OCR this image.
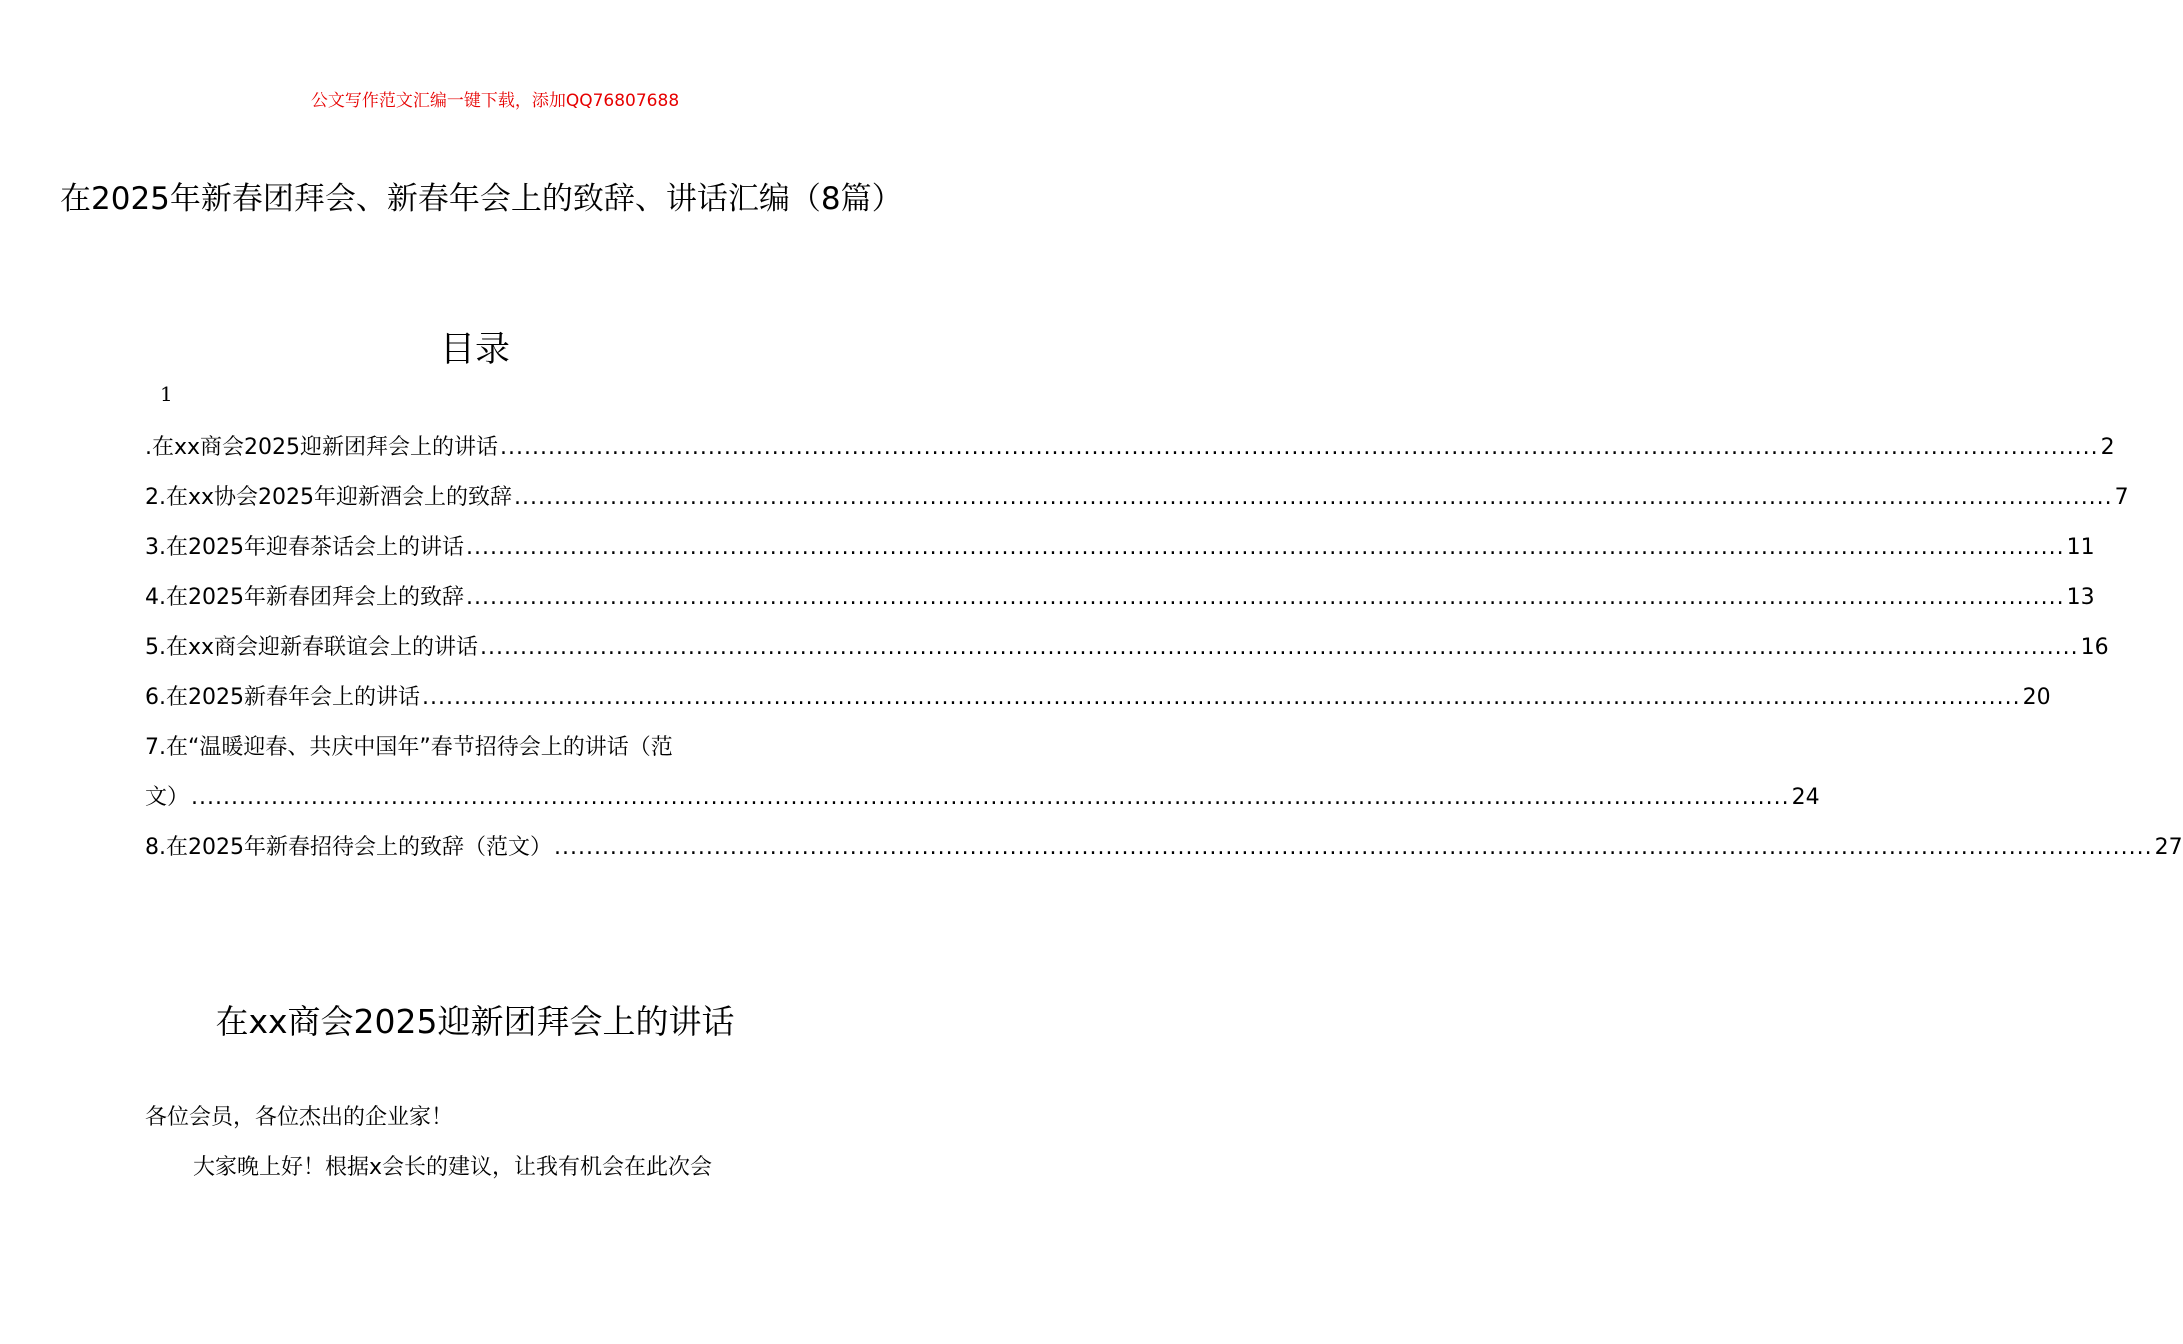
公文写作范文汇编一键下载，添加QQ76807688
在2025年新春团拜会、新春年会上的致辞、讲话汇编（8篇）
目录
1
.在xx商会2025迎新团拜会上的讲话 ........................................................................................................................................................................................................ 2
2.在xx协会2025年迎新酒会上的致辞 ........................................................................................................................................................................................................ 7
3.在2025年迎春茶话会上的讲话 ........................................................................................................................................................................................................ 11
4.在2025年新春团拜会上的致辞 ........................................................................................................................................................................................................ 13
5.在xx商会迎新春联谊会上的讲话 ........................................................................................................................................................................................................ 16
6.在2025新春年会上的讲话 ........................................................................................................................................................................................................ 20
7.在“温暖迎春、共庆中国年”春节招待会上的讲话（范
文） ........................................................................................................................................................................................................ 24
8.在2025年新春招待会上的致辞（范文） ........................................................................................................................................................................................................ 27
在xx商会2025迎新团拜会上的讲话
各位会员，各位杰出的企业家！
大家晚上好！根据x会长的建议，让我有机会在此次会
